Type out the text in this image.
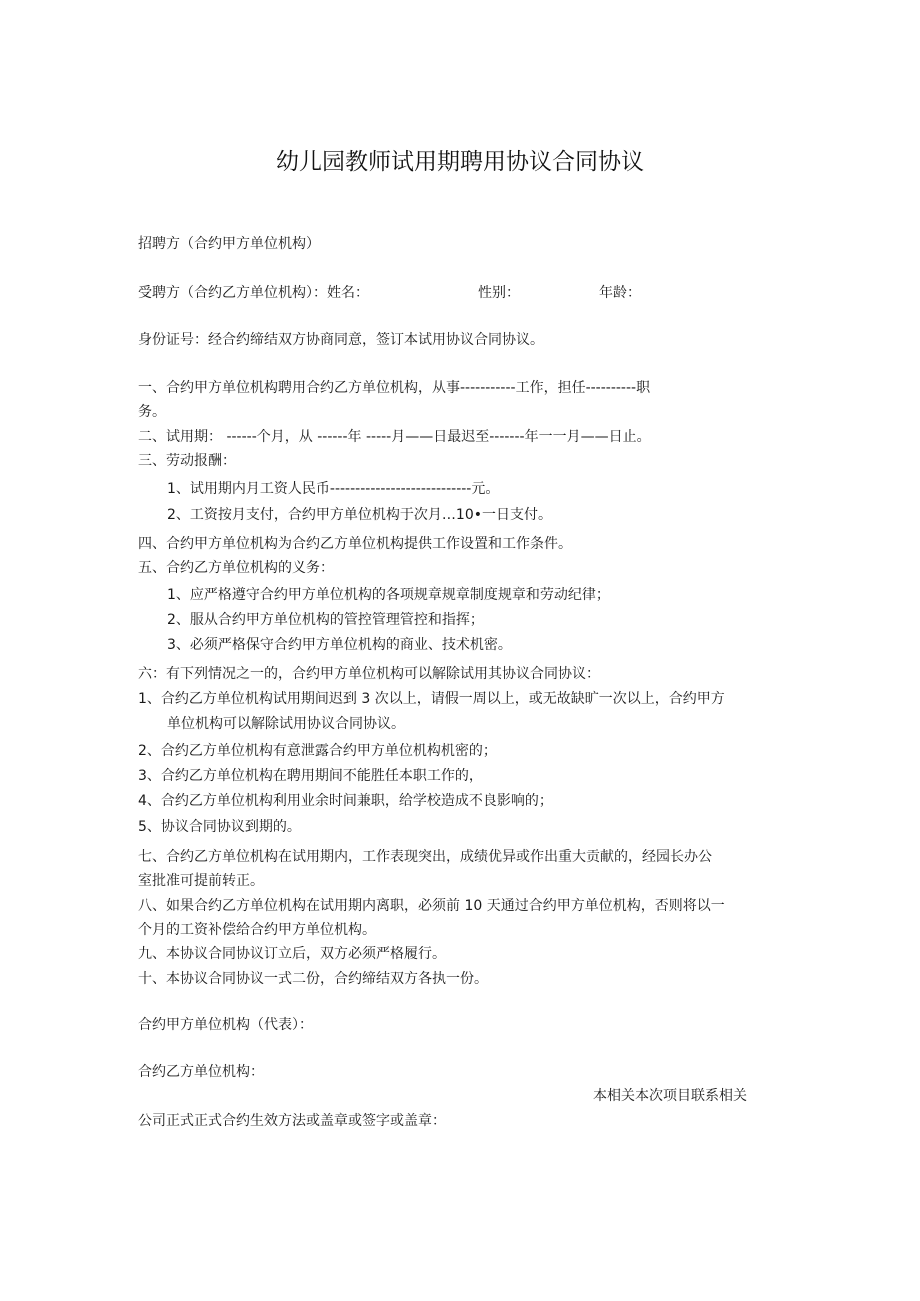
幼儿园教师试用期聘用协议合同协议

招聘方（合约甲方单位机构）

受聘方（合约乙方单位机构）：姓名：	性别：	年龄：

身份证号：经合约缔结双方协商同意，签订本试用协议合同协议。

一、合约甲方单位机构聘用合约乙方单位机构，从事-----------工作，担任----------职

务。

二、试用期： ------个月，从 ------年 -----月——日最迟至-------年一一月——日止。

三、劳动报酬：

1、试用期内月工资人民币----------------------------元。

2、工资按月支付，合约甲方单位机构于次月…10•一日支付。

四、合约甲方单位机构为合约乙方单位机构提供工作设置和工作条件。

五、合约乙方单位机构的义务：

1、应严格遵守合约甲方单位机构的各项规章规章制度规章和劳动纪律；

2、服从合约甲方单位机构的管控管理管控和指挥；

3、必须严格保守合约甲方单位机构的商业、技术机密。

六：有下列情况之一的，合约甲方单位机构可以解除试用其协议合同协议：

1、合约乙方单位机构试用期间迟到 3 次以上，请假一周以上，或无故缺旷一次以上，合约甲方

单位机构可以解除试用协议合同协议。

2、合约乙方单位机构有意泄露合约甲方单位机构机密的；

3、合约乙方单位机构在聘用期间不能胜任本职工作的，

4、合约乙方单位机构利用业余时间兼职，给学校造成不良影响的；

5、协议合同协议到期的。

七、合约乙方单位机构在试用期内，工作表现突出，成绩优异或作出重大贡献的，经园长办公

室批准可提前转正。

八、如果合约乙方单位机构在试用期内离职，必须前 10 天通过合约甲方单位机构，否则将以一

个月的工资补偿给合约甲方单位机构。

九、本协议合同协议订立后，双方必须严格履行。

十、本协议合同协议一式二份，合约缔结双方各执一份。

合约甲方单位机构（代表）：

合约乙方单位机构：

本相关本次项目联系相关

公司正式正式合约生效方法或盖章或签字或盖章：
